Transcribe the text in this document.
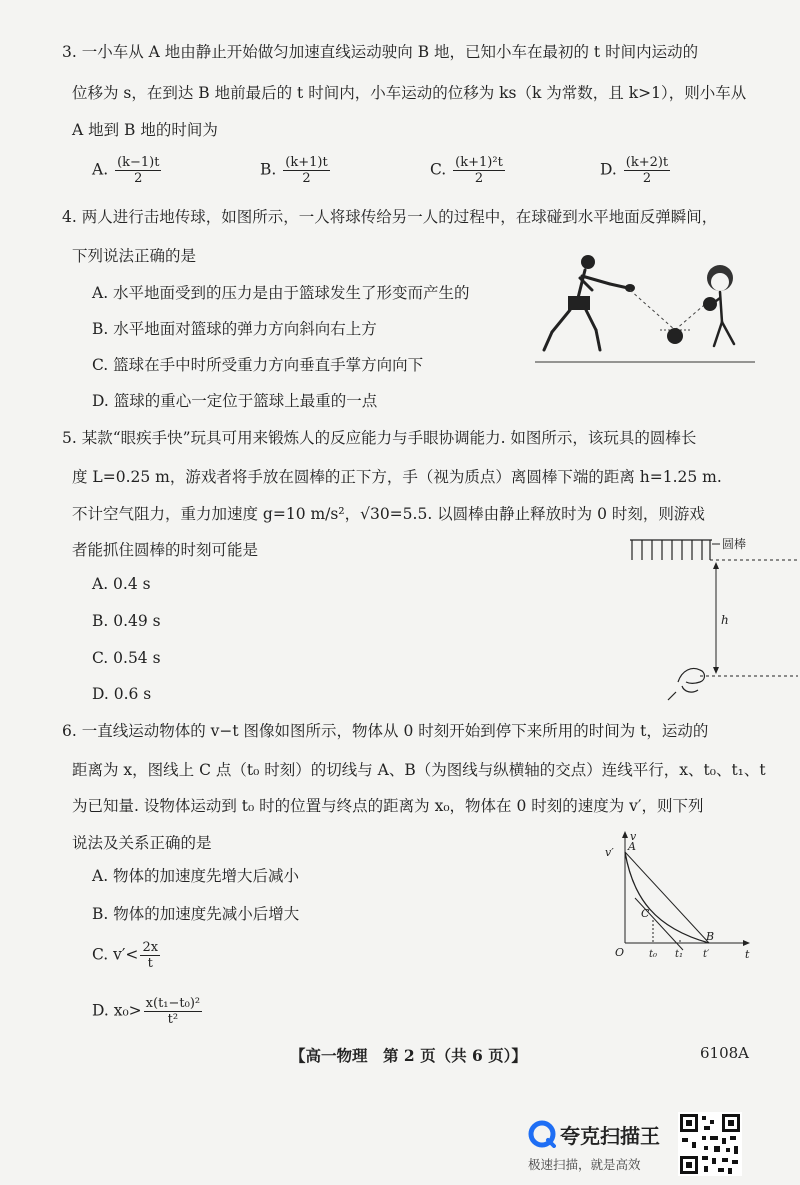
3. 一小车从 A 地由静止开始做匀加速直线运动驶向 B 地，已知小车在最初的 t 时间内运动的
位移为 s，在到达 B 地前最后的 t 时间内，小车运动的位移为 ks（k 为常数，且 k>1），则小车从
A 地到 B 地的时间为
A. $\frac{(k-1)t}{2}$	B. $\frac{(k+1)t}{2}$	C. $\frac{\text{(k+1)²t}}{2}$	D. $\frac{(k+2)t}{2}$
4. 两人进行击地传球，如图所示，一人将球传给另一人的过程中，在球碰到水平地面反弹瞬间，
下列说法正确的是
A. 水平地面受到的压力是由于篮球发生了形变而产生的
B. 水平地面对篮球的弹力方向斜向右上方
C. 篮球在手中时所受重力方向垂直手掌方向向下
D. 篮球的重心一定位于篮球上最重的一点
5. 某款“眼疾手快”玩具可用来锻炼人的反应能力与手眼协调能力. 如图所示，该玩具的圆棒长
度 L=0.25 m，游戏者将手放在圆棒的正下方，手（视为质点）离圆棒下端的距离 h=1.25 m.
不计空气阻力，重力加速度 g=10 m/s²，√30=5.5. 以圆棒由静止释放时为 0 时刻，则游戏
者能抓住圆棒的时刻可能是
A. 0.4 s
B. 0.49 s
C. 0.54 s
D. 0.6 s
圆棒
h
6. 一直线运动物体的 v−t 图像如图所示，物体从 0 时刻开始到停下来所用的时间为 t，运动的
距离为 x，图线上 C 点（t₀ 时刻）的切线与 A、B（为图线与纵横轴的交点）连线平行，x、t₀、t₁、t
为已知量. 设物体运动到 t₀ 时的位置与终点的距离为 x₀，物体在 0 时刻的速度为 v′，则下列
说法及关系正确的是
A. 物体的加速度先增大后减小
B. 物体的加速度先减小后增大
C. $v'< \frac{2x}{t}$
D. $x_0> \frac{\text{x(t₁−t₀)²}}{\text{t²}}$
v
t
O
v′ A
B
C
t₀ t₁ t′
【高一物理　第 2 页（共 6 页）】	6108A
夸克扫描王
极速扫描，就是高效
